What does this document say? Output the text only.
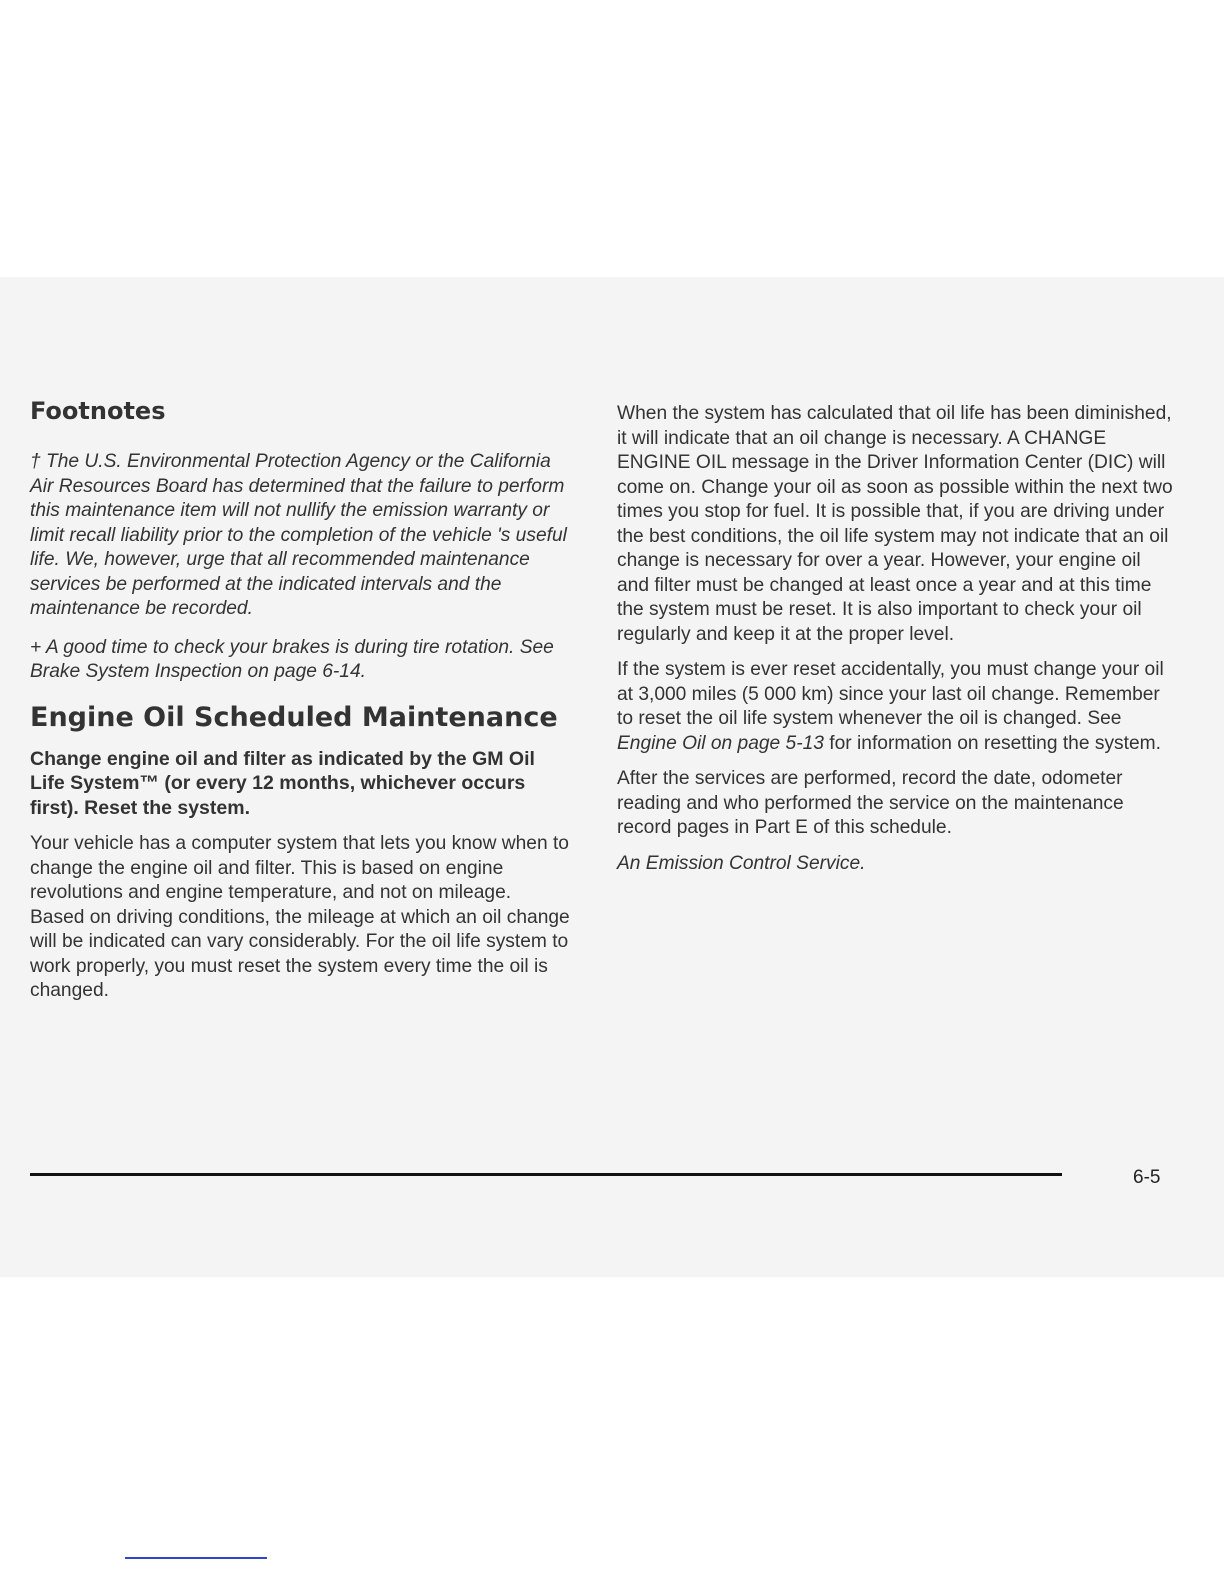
Footnotes

† The U.S. Environmental Protection Agency or the California Air Resources Board has determined that the failure to perform this maintenance item will not nullify the emission warranty or limit recall liability prior to the completion of the vehicle 's useful life. We, however, urge that all recommended maintenance services be performed at the indicated intervals and the maintenance be recorded.

+ A good time to check your brakes is during tire rotation. See Brake System Inspection on page 6-14.

Engine Oil Scheduled Maintenance

Change engine oil and filter as indicated by the GM Oil Life System™ (or every 12 months, whichever occurs first). Reset the system.

Your vehicle has a computer system that lets you know when to change the engine oil and filter. This is based on engine revolutions and engine temperature, and not on mileage. Based on driving conditions, the mileage at which an oil change will be indicated can vary considerably. For the oil life system to work properly, you must reset the system every time the oil is changed.

When the system has calculated that oil life has been diminished, it will indicate that an oil change is necessary. A CHANGE ENGINE OIL message in the Driver Information Center (DIC) will come on. Change your oil as soon as possible within the next two times you stop for fuel. It is possible that, if you are driving under the best conditions, the oil life system may not indicate that an oil change is necessary for over a year. However, your engine oil and filter must be changed at least once a year and at this time the system must be reset. It is also important to check your oil regularly and keep it at the proper level.

If the system is ever reset accidentally, you must change your oil at 3,000 miles (5 000 km) since your last oil change. Remember to reset the oil life system whenever the oil is changed. See Engine Oil on page 5-13 for information on resetting the system.

After the services are performed, record the date, odometer reading and who performed the service on the maintenance record pages in Part E of this schedule.

An Emission Control Service.

6-5
